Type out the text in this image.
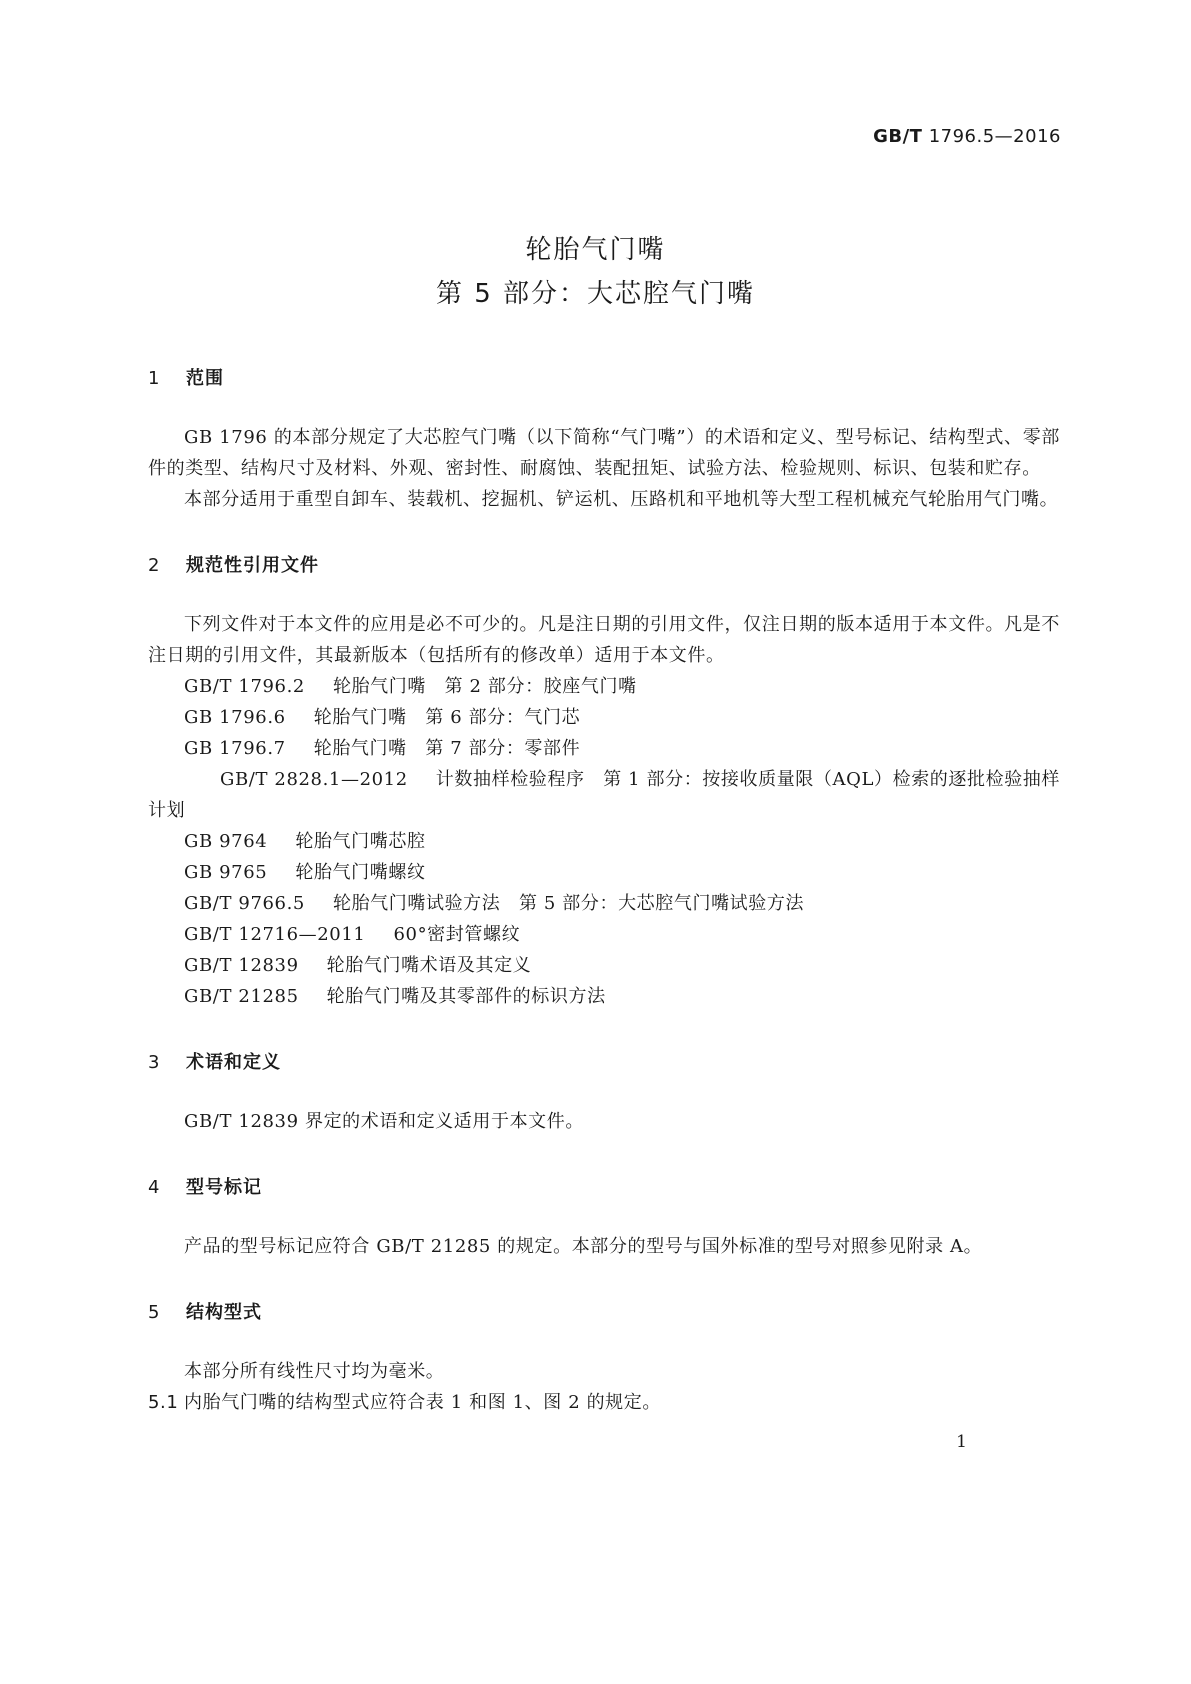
GB/T 1796.5—2016
轮胎气门嘴
第 5 部分：大芯腔气门嘴
1 范围

GB 1796 的本部分规定了大芯腔气门嘴（以下简称“气门嘴”）的术语和定义、型号标记、结构型式、零部件的类型、结构尺寸及材料、外观、密封性、耐腐蚀、装配扭矩、试验方法、检验规则、标识、包装和贮存。

本部分适用于重型自卸车、装载机、挖掘机、铲运机、压路机和平地机等大型工程机械充气轮胎用气门嘴。

2 规范性引用文件

下列文件对于本文件的应用是必不可少的。凡是注日期的引用文件，仅注日期的版本适用于本文件。凡是不注日期的引用文件，其最新版本（包括所有的修改单）适用于本文件。

GB/T 1796.2 轮胎气门嘴　第 2 部分：胶座气门嘴

GB 1796.6 轮胎气门嘴　第 6 部分：气门芯

GB 1796.7 轮胎气门嘴　第 7 部分：零部件

GB/T 2828.1—2012 计数抽样检验程序　第 1 部分：按接收质量限（AQL）检索的逐批检验抽样计划

GB 9764 轮胎气门嘴芯腔

GB 9765 轮胎气门嘴螺纹

GB/T 9766.5 轮胎气门嘴试验方法　第 5 部分：大芯腔气门嘴试验方法

GB/T 12716—2011 60°密封管螺纹

GB/T 12839 轮胎气门嘴术语及其定义

GB/T 21285 轮胎气门嘴及其零部件的标识方法

3 术语和定义

GB/T 12839 界定的术语和定义适用于本文件。

4 型号标记

产品的型号标记应符合 GB/T 21285 的规定。本部分的型号与国外标准的型号对照参见附录 A。

5 结构型式

本部分所有线性尺寸均为毫米。

5.1 内胎气门嘴的结构型式应符合表 1 和图 1、图 2 的规定。

1
